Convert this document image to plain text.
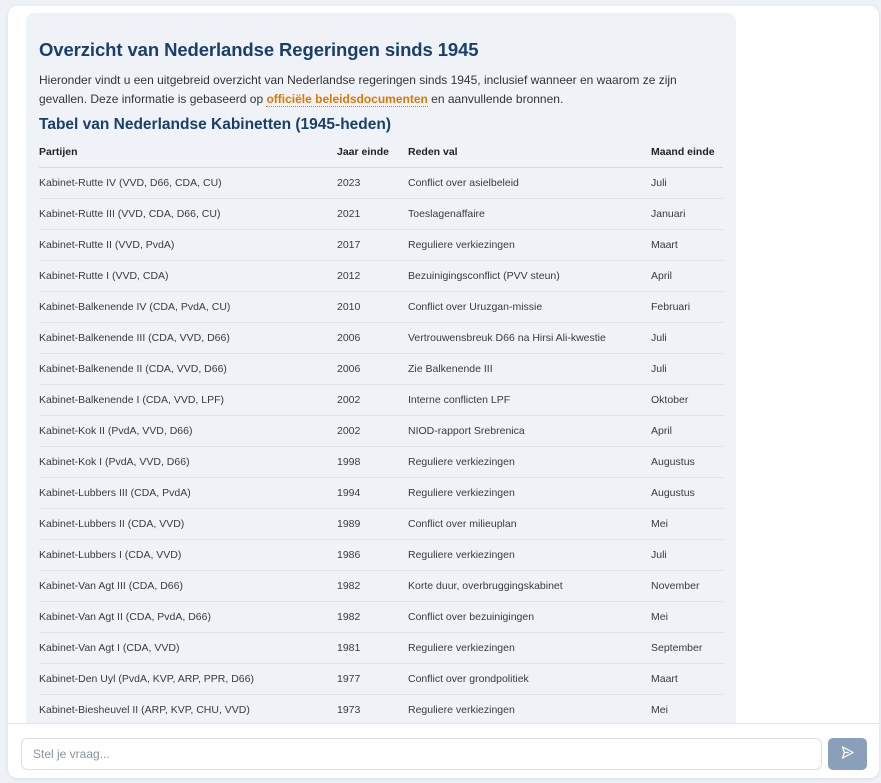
Overzicht van Nederlandse Regeringen sinds 1945

Hieronder vindt u een uitgebreid overzicht van Nederlandse regeringen sinds 1945, inclusief wanneer en waarom ze zijn gevallen. Deze informatie is gebaseerd op officiële beleidsdocumenten en aanvullende bronnen.

Tabel van Nederlandse Kabinetten (1945-heden)
Partijen	Jaar einde	Reden val	Maand einde
Kabinet-Rutte IV (VVD, D66, CDA, CU)	2023	Conflict over asielbeleid	Juli
Kabinet-Rutte III (VVD, CDA, D66, CU)	2021	Toeslagenaffaire	Januari
Kabinet-Rutte II (VVD, PvdA)	2017	Reguliere verkiezingen	Maart
Kabinet-Rutte I (VVD, CDA)	2012	Bezuinigingsconflict (PVV steun)	April
Kabinet-Balkenende IV (CDA, PvdA, CU)	2010	Conflict over Uruzgan-missie	Februari
Kabinet-Balkenende III (CDA, VVD, D66)	2006	Vertrouwensbreuk D66 na Hirsi Ali-kwestie	Juli
Kabinet-Balkenende II (CDA, VVD, D66)	2006	Zie Balkenende III	Juli
Kabinet-Balkenende I (CDA, VVD, LPF)	2002	Interne conflicten LPF	Oktober
Kabinet-Kok II (PvdA, VVD, D66)	2002	NIOD-rapport Srebrenica	April
Kabinet-Kok I (PvdA, VVD, D66)	1998	Reguliere verkiezingen	Augustus
Kabinet-Lubbers III (CDA, PvdA)	1994	Reguliere verkiezingen	Augustus
Kabinet-Lubbers II (CDA, VVD)	1989	Conflict over milieuplan	Mei
Kabinet-Lubbers I (CDA, VVD)	1986	Reguliere verkiezingen	Juli
Kabinet-Van Agt III (CDA, D66)	1982	Korte duur, overbruggingskabinet	November
Kabinet-Van Agt II (CDA, PvdA, D66)	1982	Conflict over bezuinigingen	Mei
Kabinet-Van Agt I (CDA, VVD)	1981	Reguliere verkiezingen	September
Kabinet-Den Uyl (PvdA, KVP, ARP, PPR, D66)	1977	Conflict over grondpolitiek	Maart
Kabinet-Biesheuvel II (ARP, KVP, CHU, VVD)	1973	Reguliere verkiezingen	Mei
Stel je vraag...
